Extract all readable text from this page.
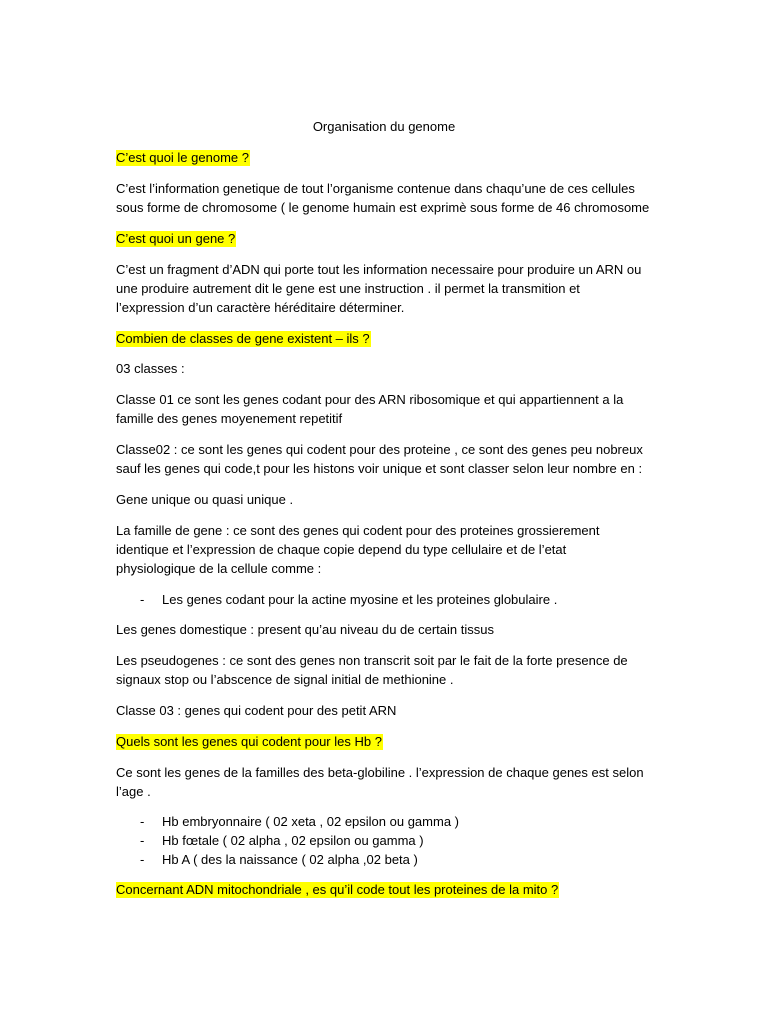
Organisation du genome
C’est quoi le genome ?
C’est l’information genetique de tout l’organisme contenue dans chaqu’une de ces cellules
sous forme de chromosome ( le genome humain est exprimè sous forme de 46 chromosome
C’est quoi un gene ?
C’est un fragment d’ADN qui porte tout les information necessaire pour produire un ARN ou
une produire autrement dit le gene est une instruction . il permet la transmition et
l’expression d’un caractère héréditaire déterminer.
Combien de classes de gene existent – ils ?
03 classes :
Classe 01 ce sont les genes codant pour des ARN ribosomique et qui appartiennent a la
famille des genes moyenement repetitif
Classe02 : ce sont les genes qui codent pour des proteine , ce sont des genes peu nobreux
sauf les genes qui code,t pour les histons voir unique et sont classer selon leur nombre en :
Gene unique ou quasi unique .
La famille de gene : ce sont des genes qui codent pour des proteines grossierement
identique et l’expression de chaque copie depend du type cellulaire et de l’etat
physiologique de la cellule comme :
- Les genes codant pour la actine myosine et les proteines globulaire .
Les genes domestique : present qu’au niveau du de certain tissus
Les pseudogenes : ce sont des genes non transcrit soit par le fait de la forte presence de
signaux stop ou l’abscence de signal initial de methionine .
Classe 03 : genes qui codent pour des petit ARN
Quels sont les genes qui codent pour les Hb ?
Ce sont les genes de la familles des beta-globiline . l’expression de chaque genes est selon
l’age .
- Hb embryonnaire ( 02 xeta , 02 epsilon ou gamma )
- Hb fœtale ( 02 alpha , 02 epsilon ou gamma )
- Hb A ( des la naissance ( 02 alpha ,02 beta )
Concernant ADN mitochondriale , es qu’il code tout les proteines de la mito ?
